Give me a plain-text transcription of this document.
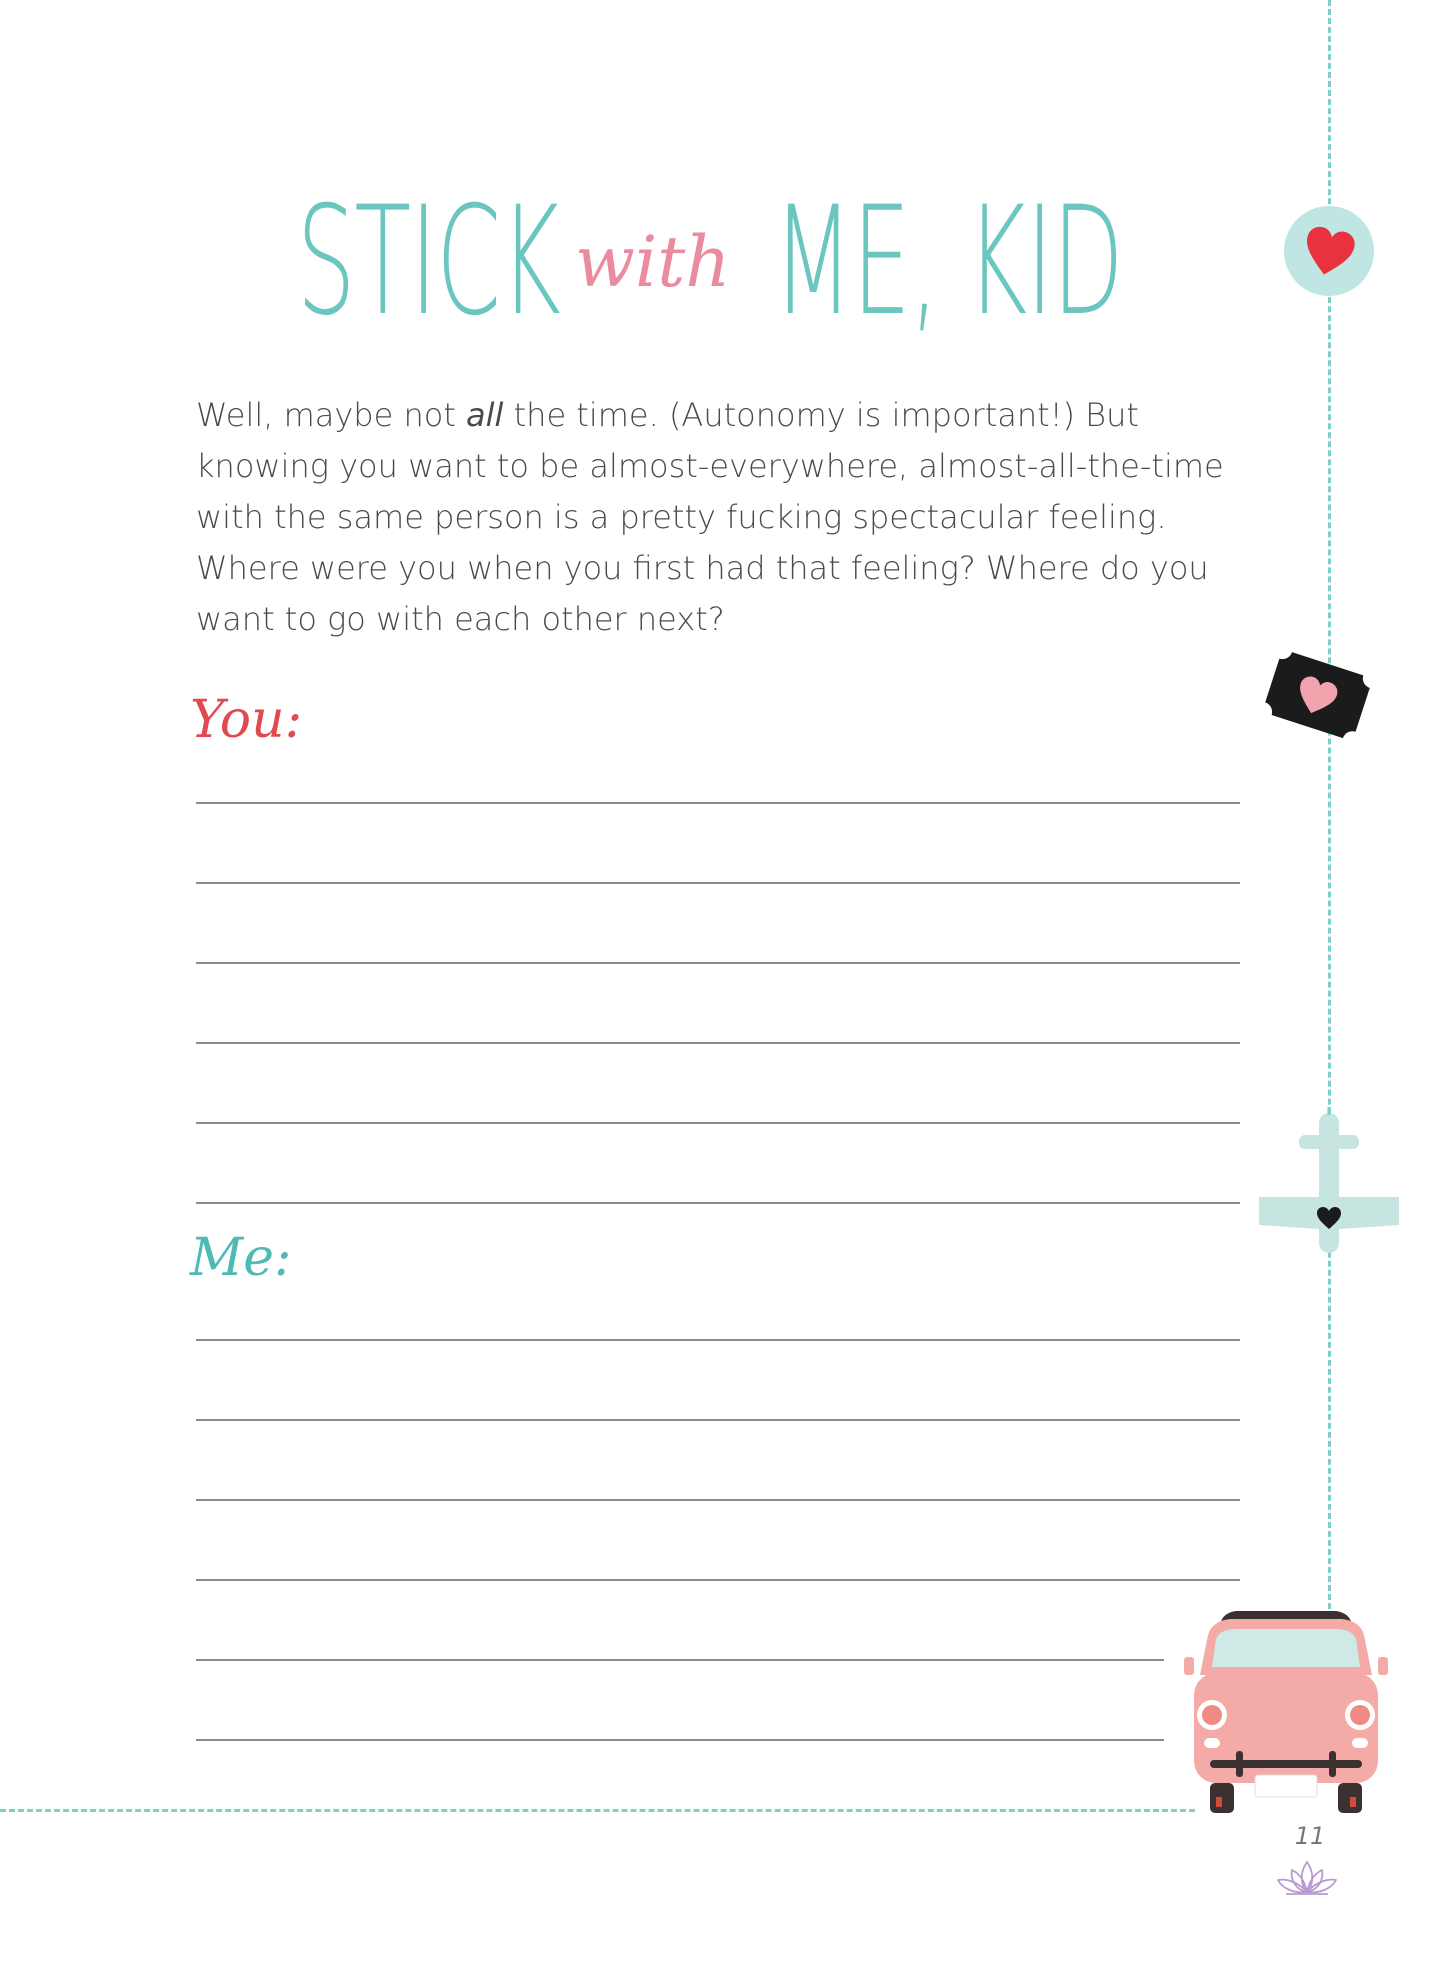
STICK with ME, KID

Well, maybe not all the time. (Autonomy is important!) But

knowing you want to be almost-everywhere, almost-all-the-time

with the same person is a pretty fucking spectacular feeling.

Where were you when you first had that feeling? Where do you

want to go with each other next?

You:
Me:
11
